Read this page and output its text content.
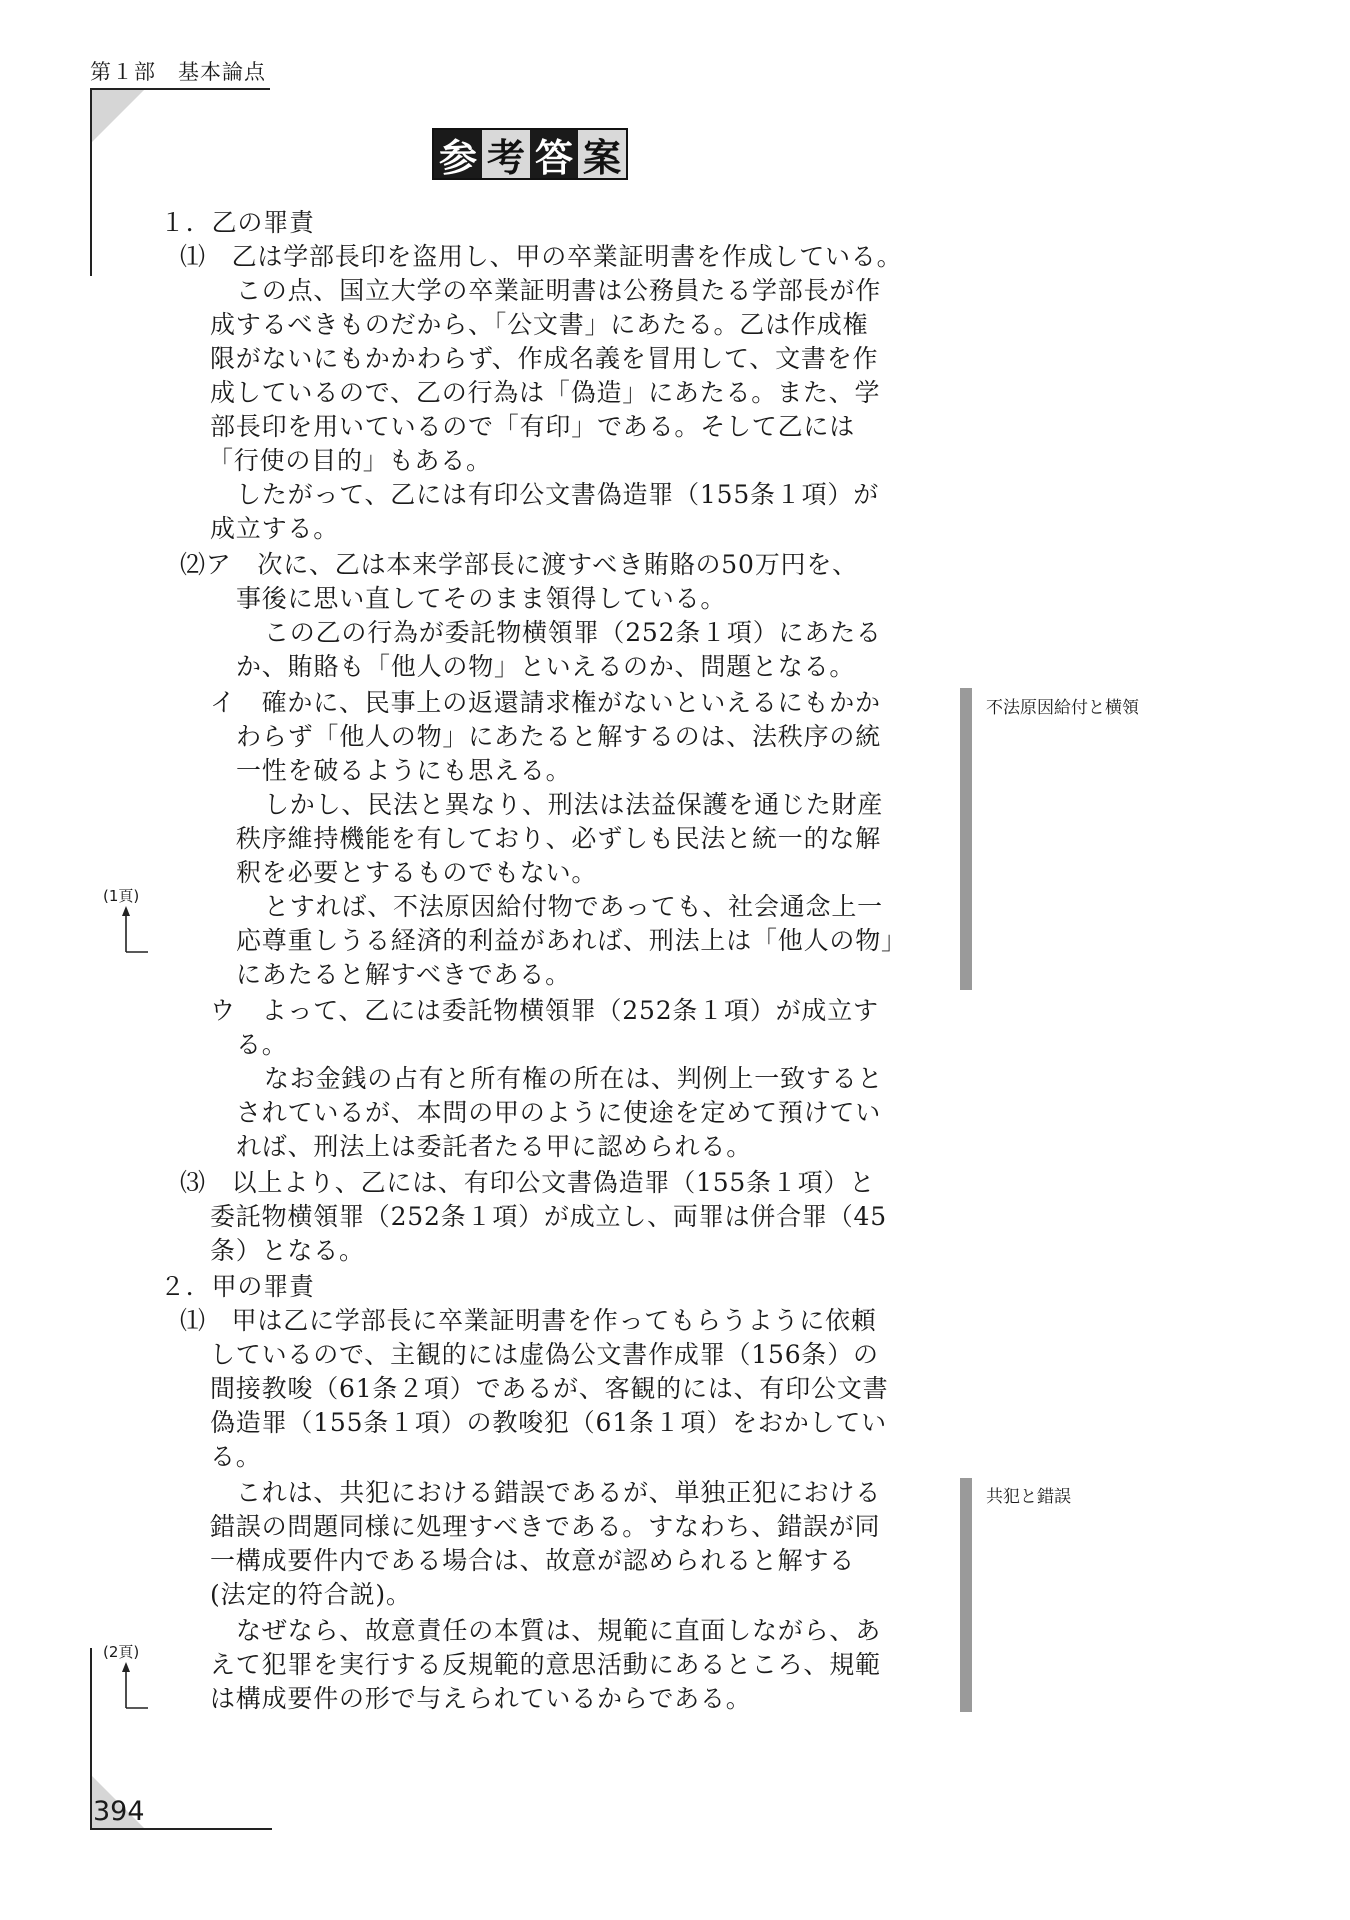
第１部　基本論点
参 考 答 案
１．乙の罪責
⑴　乙は学部長印を盗用し、甲の卒業証明書を作成している。
この点、国立大学の卒業証明書は公務員たる学部長が作
成するべきものだから、「公文書」にあたる。乙は作成権
限がないにもかかわらず、作成名義を冒用して、文書を作
成しているので、乙の行為は「偽造」にあたる。また、学
部長印を用いているので「有印」である。そして乙には
「行使の目的」もある。
したがって、乙には有印公文書偽造罪（155条１項）が
成立する。
⑵ア　次に、乙は本来学部長に渡すべき賄賂の50万円を、
事後に思い直してそのまま領得している。
この乙の行為が委託物横領罪（252条１項）にあたる
か、賄賂も「他人の物」といえるのか、問題となる。
イ　確かに、民事上の返還請求権がないといえるにもかか
わらず「他人の物」にあたると解するのは、法秩序の統
一性を破るようにも思える。
しかし、民法と異なり、刑法は法益保護を通じた財産
秩序維持機能を有しており、必ずしも民法と統一的な解
釈を必要とするものでもない。
とすれば、不法原因給付物であっても、社会通念上一
応尊重しうる経済的利益があれば、刑法上は「他人の物」
にあたると解すべきである。
ウ　よって、乙には委託物横領罪（252条１項）が成立す
る。
なお金銭の占有と所有権の所在は、判例上一致すると
されているが、本問の甲のように使途を定めて預けてい
れば、刑法上は委託者たる甲に認められる。
⑶　以上より、乙には、有印公文書偽造罪（155条１項）と
委託物横領罪（252条１項）が成立し、両罪は併合罪（45
条）となる。
２．甲の罪責
⑴　甲は乙に学部長に卒業証明書を作ってもらうように依頼
しているので、主観的には虚偽公文書作成罪（156条）の
間接教唆（61条２項）であるが、客観的には、有印公文書
偽造罪（155条１項）の教唆犯（61条１項）をおかしてい
る。
これは、共犯における錯誤であるが、単独正犯における
錯誤の問題同様に処理すべきである。すなわち、錯誤が同
一構成要件内である場合は、故意が認められると解する
(法定的符合説)。
なぜなら、故意責任の本質は、規範に直面しながら、あ
えて犯罪を実行する反規範的意思活動にあるところ、規範
は構成要件の形で与えられているからである。
不法原因給付と横領
共犯と錯誤
(1頁)
(2頁)
394
